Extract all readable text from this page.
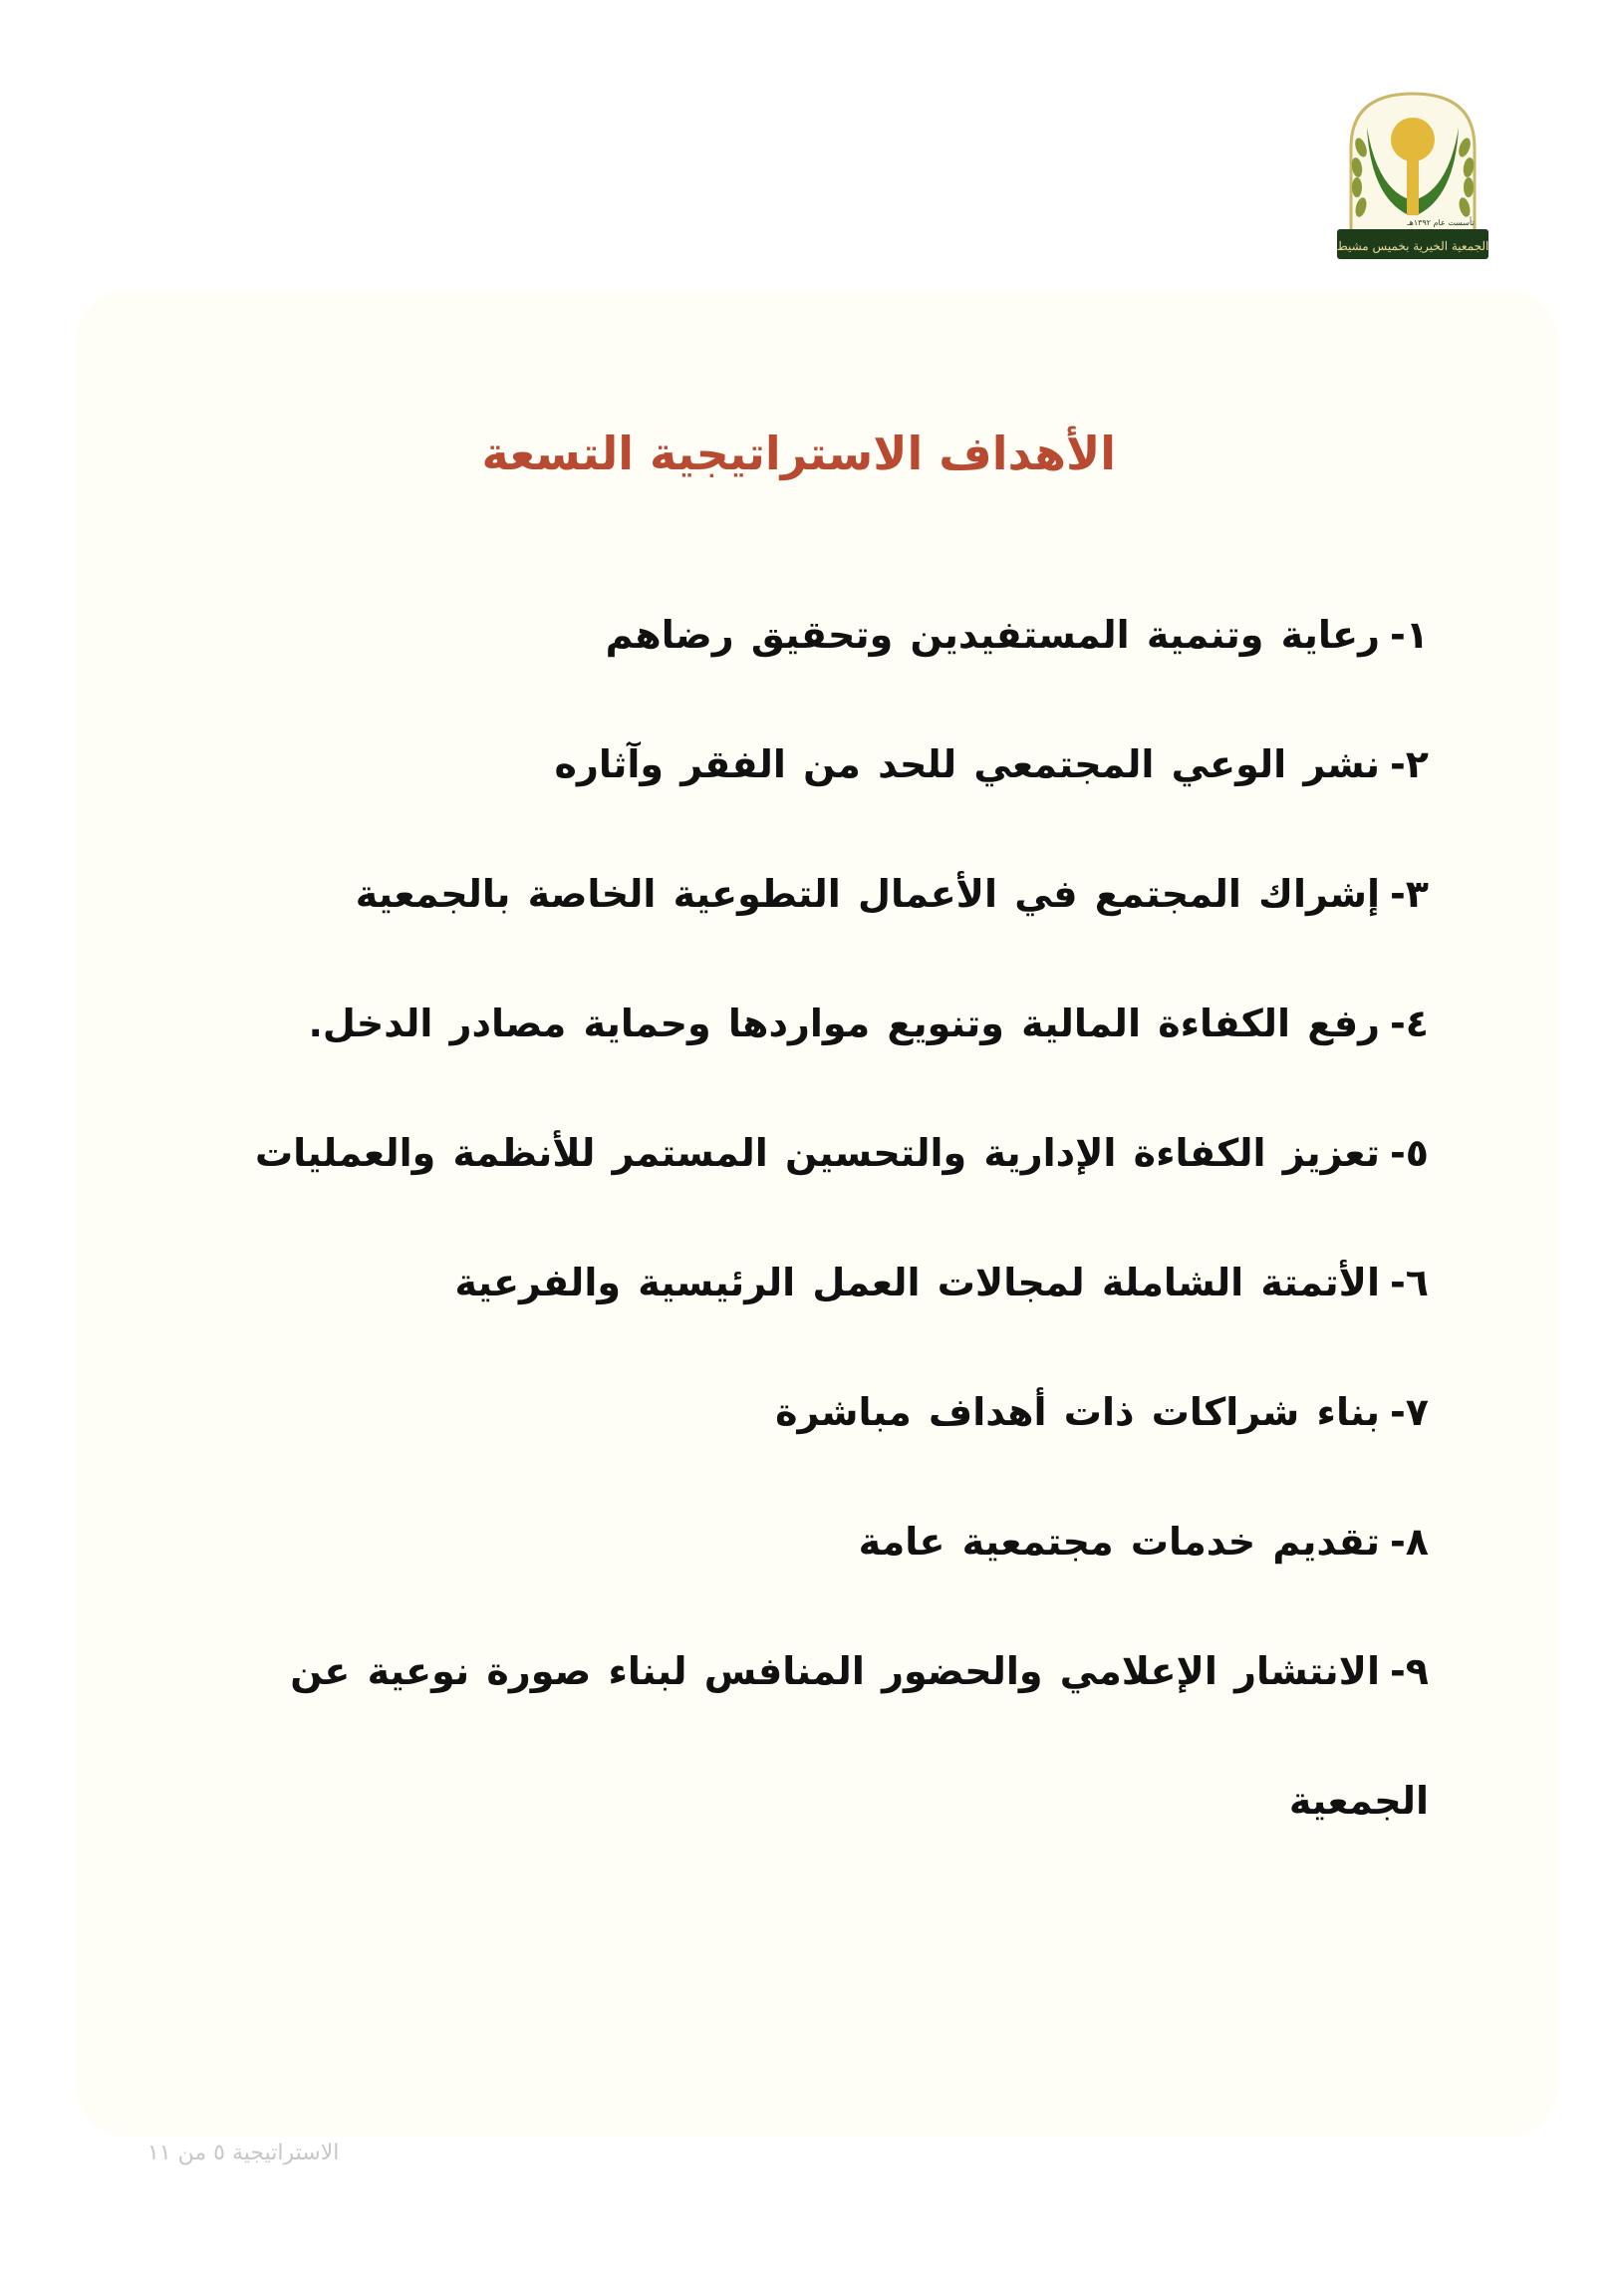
تأسست عام ١٣٩٢هـ
الجمعية الخيرية بخميس مشيط
الأهداف الاستراتيجية التسعة
١-رعاية وتنمية المستفيدين وتحقيق رضاهم
٢-نشر الوعي المجتمعي للحد من الفقر وآثاره
٣-إشراك المجتمع في الأعمال التطوعية الخاصة بالجمعية
٤-رفع الكفاءة المالية وتنويع مواردها وحماية مصادر الدخل.
٥-تعزيز الكفاءة الإدارية والتحسين المستمر للأنظمة والعمليات
٦-الأتمتة الشاملة لمجالات العمل الرئيسية والفرعية
٧-بناء شراكات ذات أهداف مباشرة
٨-تقديم خدمات مجتمعية عامة
٩-الانتشار الإعلامي والحضور المنافس لبناء صورة نوعية عن الجمعية
الاستراتيجية ٥ من ١١
